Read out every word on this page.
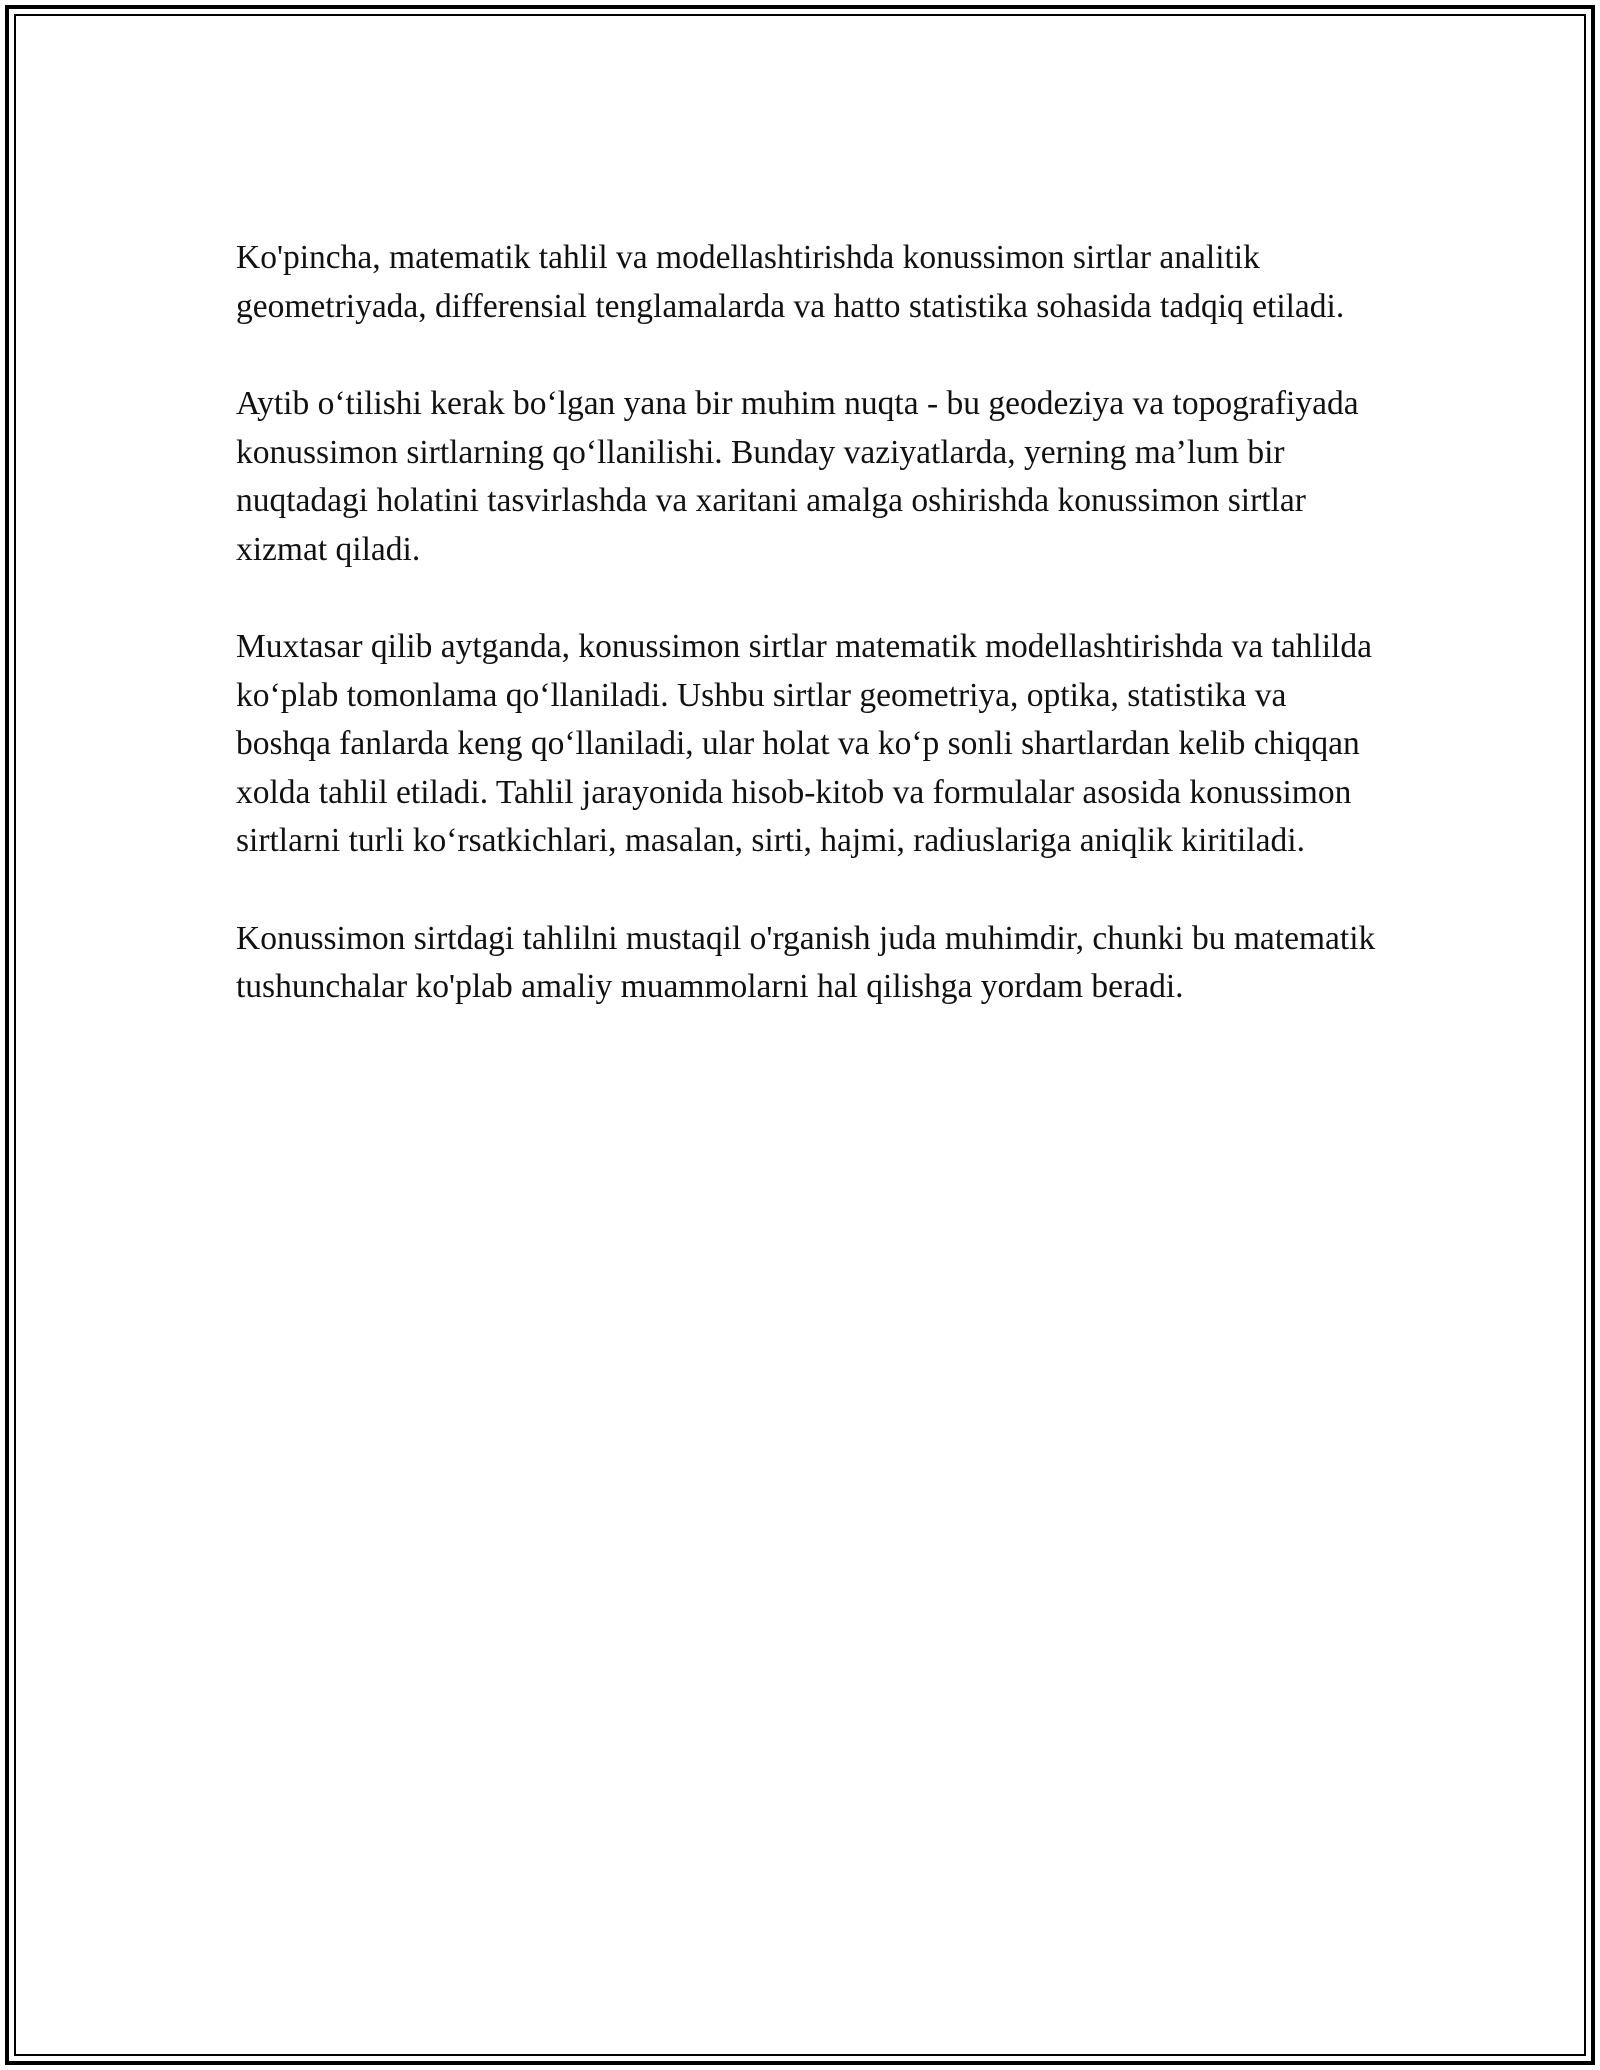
Ko'pincha, matematik tahlil va modellashtirishda konussimon sirtlar analitik geometriyada, differensial tenglamalarda va hatto statistika sohasida tadqiq etiladi.

Aytib o‘tilishi kerak bo‘lgan yana bir muhim nuqta - bu geodeziya va topografiyada konussimon sirtlarning qo‘llanilishi. Bunday vaziyatlarda, yerning ma’lum bir nuqtadagi holatini tasvirlashda va xaritani amalga oshirishda konussimon sirtlar xizmat qiladi.

Muxtasar qilib aytganda, konussimon sirtlar matematik modellashtirishda va tahlilda ko‘plab tomonlama qo‘llaniladi. Ushbu sirtlar geometriya, optika, statistika va boshqa fanlarda keng qo‘llaniladi, ular holat va ko‘p sonli shartlardan kelib chiqqan xolda tahlil etiladi. Tahlil jarayonida hisob-kitob va formulalar asosida konussimon sirtlarni turli ko‘rsatkichlari, masalan, sirti, hajmi, radiuslariga aniqlik kiritiladi.

Konussimon sirtdagi tahlilni mustaqil o'rganish juda muhimdir, chunki bu matematik tushunchalar ko'plab amaliy muammolarni hal qilishga yordam beradi.
